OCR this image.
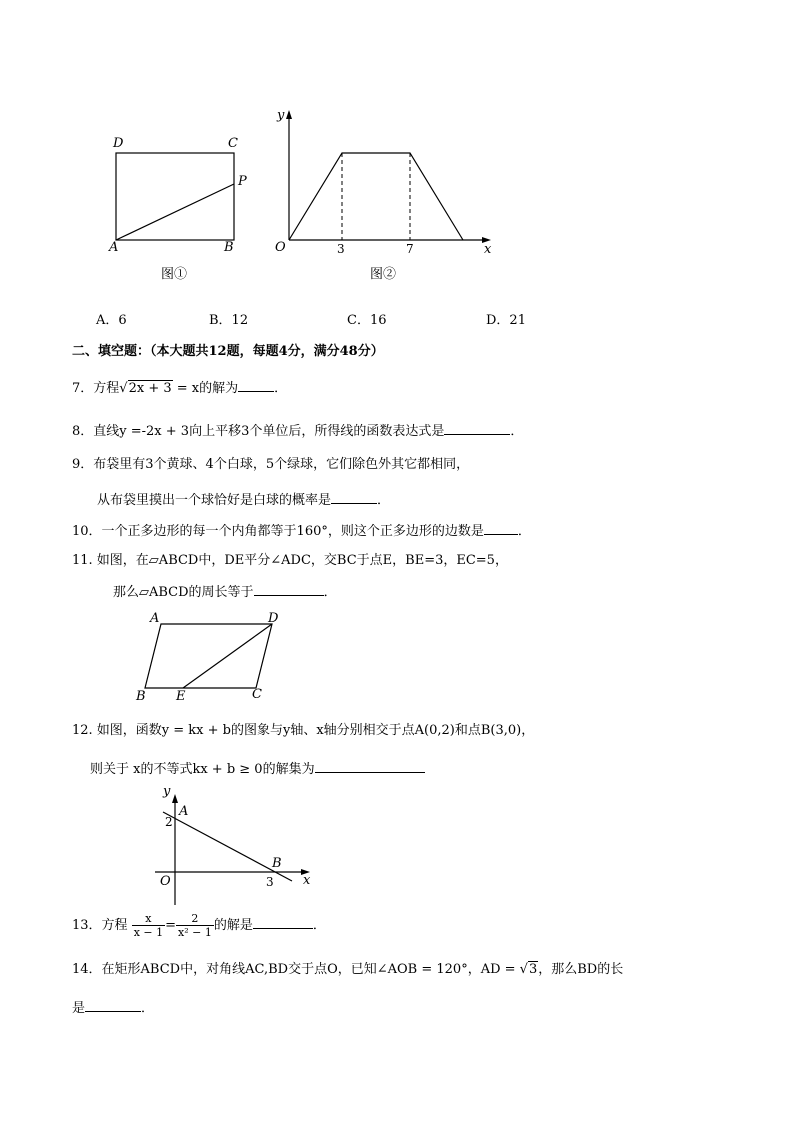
D	C
P
A	B
图①
y
x
O	3	7
图②
A．6	B．12	C．16	D．21
二、填空题：（本大题共12题，每题4分，满分48分）
7．方程√2x + 3 = x的解为	．
8．直线y =-2x + 3向上平移3个单位后，所得线的函数表达式是	．
9．布袋里有3个黄球、4个白球，5个绿球，它们除色外其它都相同，
从布袋里摸出一个球恰好是白球的概率是	．
10．一个正多边形的每一个内角都等于160°，则这个正多边形的边数是	．
11. 如图，在▱ABCD中，DE平分∠ADC，交BC于点E，BE=3，EC=5，
那么▱ABCD的周长等于	．
A	D
B E	C
12. 如图，函数y = kx + b的图象与y轴、x轴分别相交于点A(0,2)和点B(3,0)，
则关于 x的不等式kx + b ≥ 0的解集为
y
A
2
B
O	3 x
13．方程 $\frac{x}{x - 1} = \frac{2}{\text{x² − 1}}$ 的解是	．
14．在矩形ABCD中，对角线AC,BD交于点O，已知∠AOB = 120°，AD = √3，那么BD的长
是	．
